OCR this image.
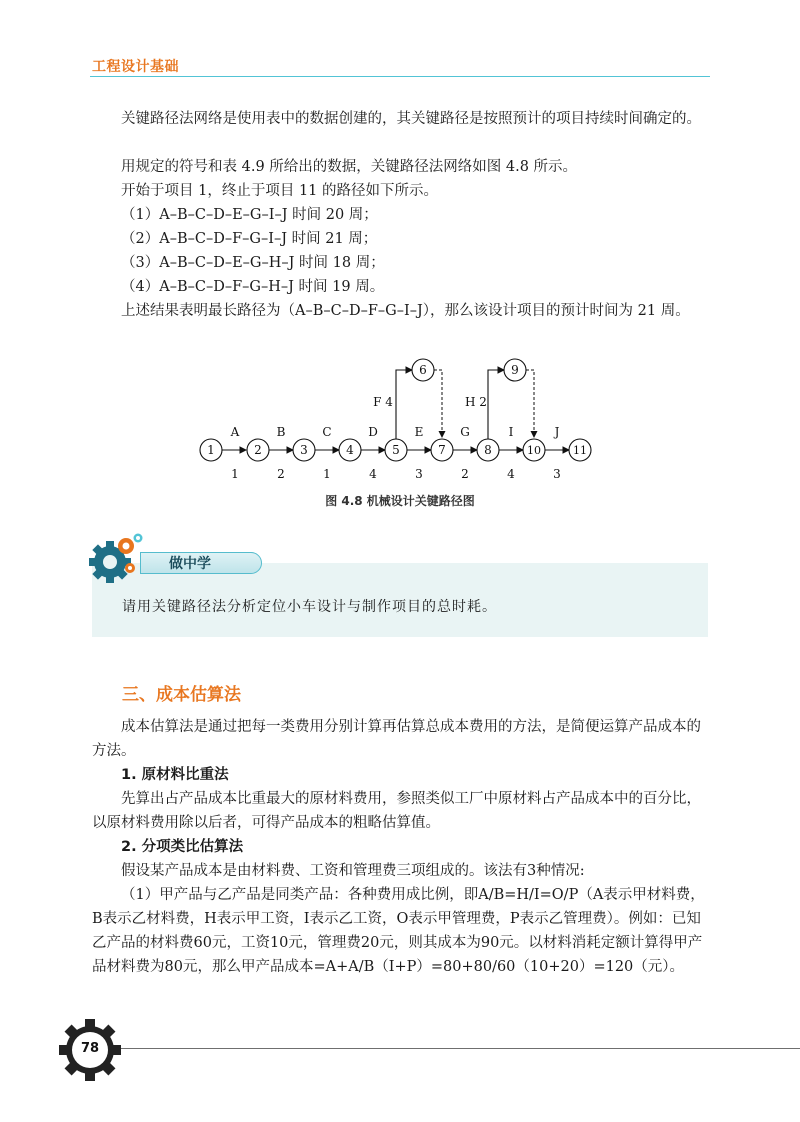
工程设计基础

关键路径法网络是使用表中的数据创建的，其关键路径是按照预计的项目持续时间确定的。

用规定的符号和表 4.9 所给出的数据，关键路径法网络如图 4.8 所示。

开始于项目 1，终止于项目 11 的路径如下所示。

（1）A–B–C–D–E–G–I–J 时间 20 周；

（2）A–B–C–D–F–G–I–J 时间 21 周；

（3）A–B–C–D–E–G–H–J 时间 18 周；

（4）A–B–C–D–F–G–H–J 时间 19 周。

上述结果表明最长路径为（A–B–C–D–F–G–I–J），那么该设计项目的预计时间为 21 周。

1	2	3	4	5
6
7	8
9
10	11
A	B	C	D	E	G	I	J
1	2	1	4	3	2	4	3
F 4	H 2
图 4.8 机械设计关键路径图
做中学
请用关键路径法分析定位小车设计与制作项目的总时耗。
三、成本估算法

成本估算法是通过把每一类费用分别计算再估算总成本费用的方法，是简便运算产品成本的方法。

1. 原材料比重法

先算出占产品成本比重最大的原材料费用，参照类似工厂中原材料占产品成本中的百分比，以原材料费用除以后者，可得产品成本的粗略估算值。

2. 分项类比估算法

假设某产品成本是由材料费、工资和管理费三项组成的。该法有3种情况:

（1）甲产品与乙产品是同类产品：各种费用成比例，即A/B=H/I=O/P（A表示甲材料费，B表示乙材料费，H表示甲工资，I表示乙工资，O表示甲管理费，P表示乙管理费）。例如：已知乙产品的材料费60元，工资10元，管理费20元，则其成本为90元。以材料消耗定额计算得甲产品材料费为80元，那么甲产品成本=A+A/B（I+P）=80+80/60（10+20）=120（元）。

78
